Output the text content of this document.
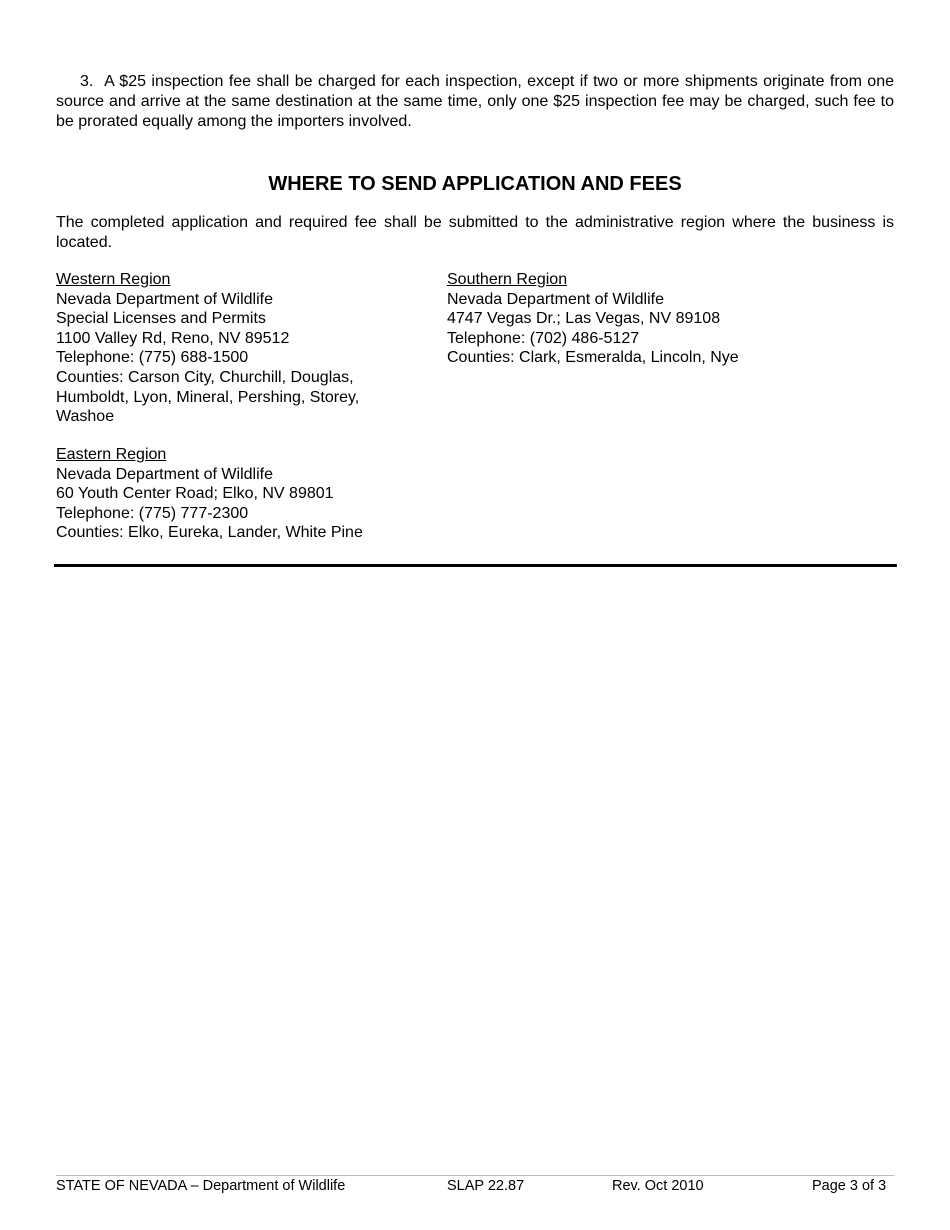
3. A $25 inspection fee shall be charged for each inspection, except if two or more shipments originate from one source and arrive at the same destination at the same time, only one $25 inspection fee may be charged, such fee to be prorated equally among the importers involved.

WHERE TO SEND APPLICATION AND FEES

The completed application and required fee shall be submitted to the administrative region where the business is located.

Western Region
Nevada Department of Wildlife
Special Licenses and Permits
1100 Valley Rd, Reno, NV 89512
Telephone: (775) 688-1500
Counties: Carson City, Churchill, Douglas,
Humboldt, Lyon, Mineral, Pershing, Storey,
Washoe
Southern Region
Nevada Department of Wildlife
4747 Vegas Dr.; Las Vegas, NV 89108
Telephone: (702) 486-5127
Counties: Clark, Esmeralda, Lincoln, Nye
Eastern Region
Nevada Department of Wildlife
60 Youth Center Road; Elko, NV 89801
Telephone: (775) 777-2300
Counties: Elko, Eureka, Lander, White Pine
STATE OF NEVADA – Department of Wildlife	SLAP 22.87	Rev. Oct 2010	Page 3 of 3
